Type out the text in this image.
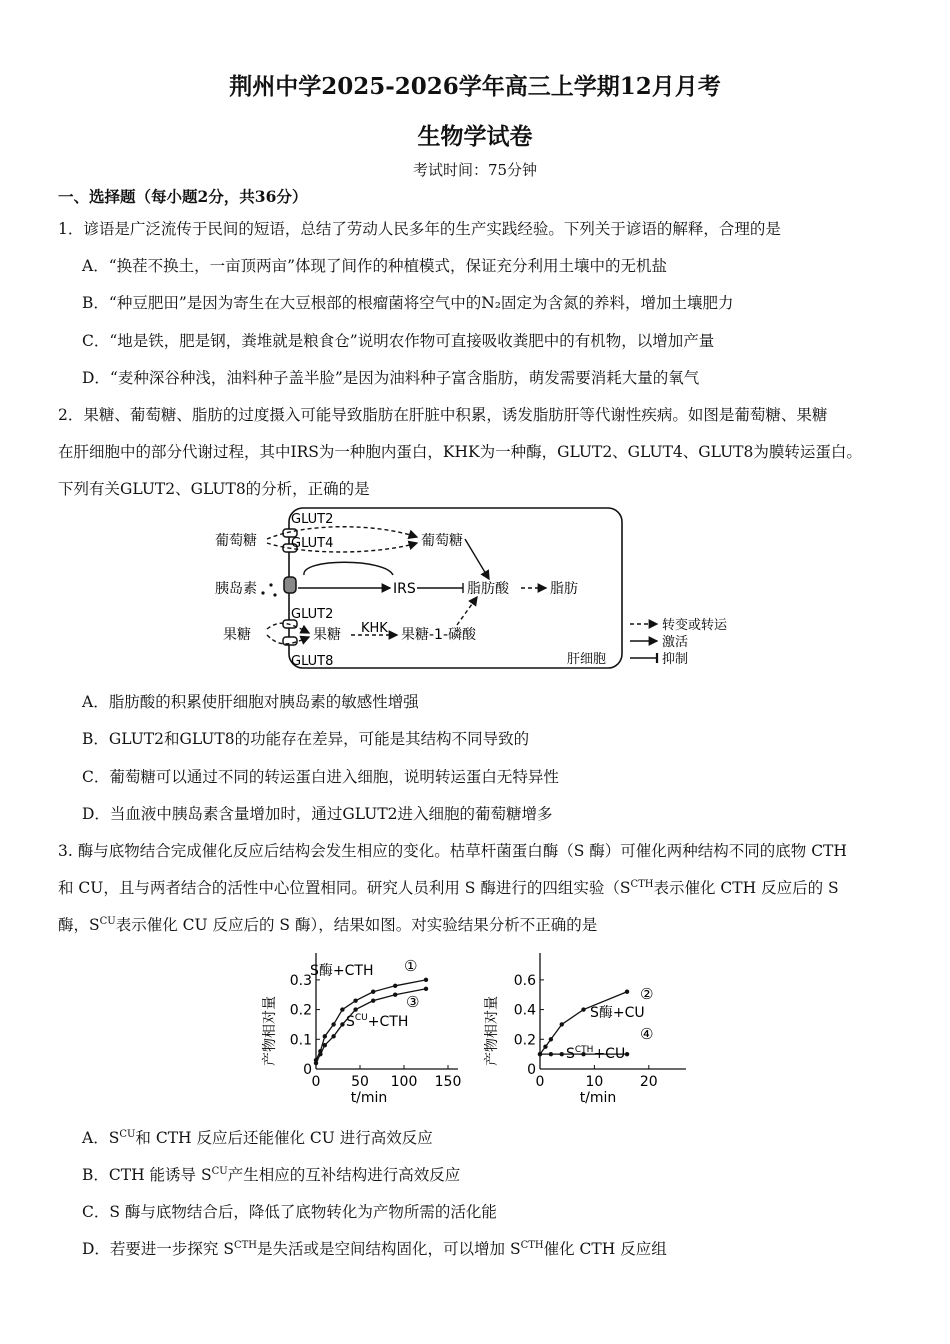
荆州中学2025-2026学年高三上学期12月月考
生物学试卷
考试时间：75分钟
一、选择题（每小题2分，共36分）
1．谚语是广泛流传于民间的短语，总结了劳动人民多年的生产实践经验。下列关于谚语的解释，合理的是
A．“换茬不换土，一亩顶两亩”体现了间作的种植模式，保证充分利用土壤中的无机盐
B．“种豆肥田”是因为寄生在大豆根部的根瘤菌将空气中的N₂固定为含氮的养料，增加土壤肥力
C．“地是铁，肥是钢，粪堆就是粮食仓”说明农作物可直接吸收粪肥中的有机物，以增加产量
D．“麦种深谷种浅，油料种子盖半脸”是因为油料种子富含脂肪，萌发需要消耗大量的氧气
2．果糖、葡萄糖、脂肪的过度摄入可能导致脂肪在肝脏中积累，诱发脂肪肝等代谢性疾病。如图是葡萄糖、果糖
在肝细胞中的部分代谢过程，其中IRS为一种胞内蛋白，KHK为一种酶，GLUT2、GLUT4、GLUT8为膜转运蛋白。
下列有关GLUT2、GLUT8的分析，正确的是
葡萄糖
胰岛素
果糖
GLUT2
GLUT4
GLUT2
GLUT8
葡萄糖
IRS	脂肪酸	脂肪
果糖 KHK 果糖-1-磷酸
肝细胞
转变或转运
激活
抑制
A．脂肪酸的积累使肝细胞对胰岛素的敏感性增强
B．GLUT2和GLUT8的功能存在差异，可能是其结构不同导致的
C．葡萄糖可以通过不同的转运蛋白进入细胞，说明转运蛋白无特异性
D．当血液中胰岛素含量增加时，通过GLUT2进入细胞的葡萄糖增多
3. 酶与底物结合完成催化反应后结构会发生相应的变化。枯草杆菌蛋白酶（S 酶）可催化两种结构不同的底物 CTH
和 CU，且与两者结合的活性中心位置相同。研究人员利用 S 酶进行的四组实验（$S^{CTH}$表示催化 CTH 反应后的 S
酶，$S^{CU}$表示催化 CU 反应后的 S 酶），结果如图。对实验结果分析不正确的是
产物相对量
t/min
0
0.1
0.2
0.3
0 50 100 150
S酶+CTH ①
$S^{CU}+CTH$
③	产物相对量
t/min
0
0.2
0.4
0.6
0	10	20
S酶+CU
②
$S^{CTH}+CU$
④
A．$S^{CU}$和 CTH 反应后还能催化 CU 进行高效反应
B．CTH 能诱导 $S^{CU}$产生相应的互补结构进行高效反应
C．S 酶与底物结合后，降低了底物转化为产物所需的活化能
D．若要进一步探究 $S^{CTH}$是失活或是空间结构固化，可以增加 $S^{CTH}$催化 CTH 反应组
